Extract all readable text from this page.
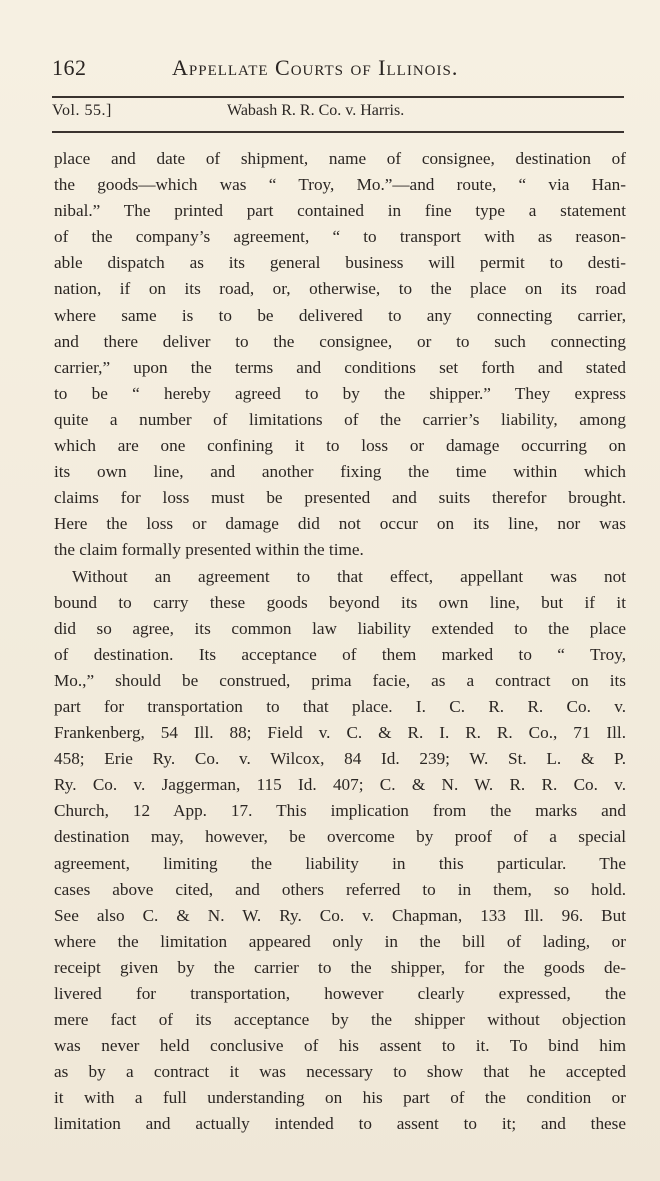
162	Appellate Courts of Illinois.
Vol. 55.]	Wabash R. R. Co. v. Harris.
place and date of shipment, name of consignee, destination of
the goods—which was “ Troy, Mo.”—and route, “ via Han-
nibal.” The printed part contained in fine type a statement
of the company’s agreement, “ to transport with as reason-
able dispatch as its general business will permit to desti-
nation, if on its road, or, otherwise, to the place on its road
where same is to be delivered to any connecting carrier,
and there deliver to the consignee, or to such connecting
carrier,” upon the terms and conditions set forth and stated
to be “ hereby agreed to by the shipper.” They express
quite a number of limitations of the carrier’s liability, among
which are one confining it to loss or damage occurring on
its own line, and another fixing the time within which
claims for loss must be presented and suits therefor brought.
Here the loss or damage did not occur on its line, nor was
the claim formally presented within the time.
Without an agreement to that effect, appellant was not
bound to carry these goods beyond its own line, but if it
did so agree, its common law liability extended to the place
of destination. Its acceptance of them marked to “ Troy,
Mo.,” should be construed, prima facie, as a contract on its
part for transportation to that place. I. C. R. R. Co. v.
Frankenberg, 54 Ill. 88; Field v. C. & R. I. R. R. Co., 71 Ill.
458; Erie Ry. Co. v. Wilcox, 84 Id. 239; W. St. L. & P.
Ry. Co. v. Jaggerman, 115 Id. 407; C. & N. W. R. R. Co. v.
Church, 12 App. 17. This implication from the marks and
destination may, however, be overcome by proof of a special
agreement, limiting the liability in this particular. The
cases above cited, and others referred to in them, so hold.
See also C. & N. W. Ry. Co. v. Chapman, 133 Ill. 96. But
where the limitation appeared only in the bill of lading, or
receipt given by the carrier to the shipper, for the goods de-
livered for transportation, however clearly expressed, the
mere fact of its acceptance by the shipper without objection
was never held conclusive of his assent to it. To bind him
as by a contract it was necessary to show that he accepted
it with a full understanding on his part of the condition or
limitation and actually intended to assent to it; and these
